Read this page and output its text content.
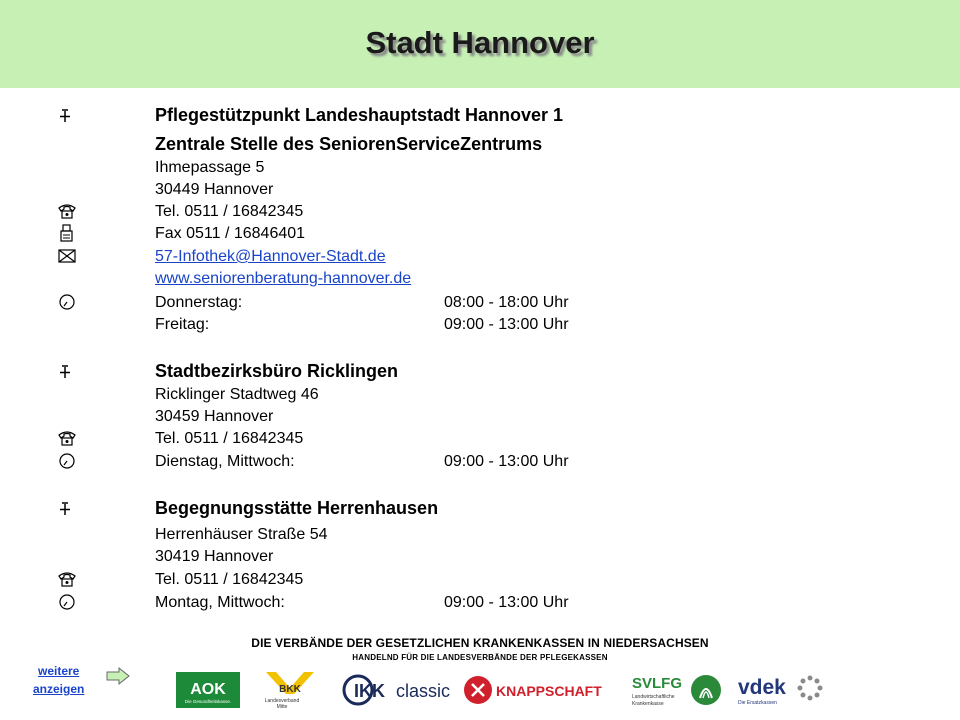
Stadt Hannover
Pflegestützpunkt Landeshauptstadt Hannover 1
Zentrale Stelle des SeniorenServiceZentrums
Ihmepassage 5
30449 Hannover
Tel. 0511 / 16842345
Fax 0511 / 16846401
57-Infothek@Hannover-Stadt.de
www.seniorenberatung-hannover.de
Donnerstag:	08:00 - 18:00 Uhr
Freitag:	09:00 - 13:00 Uhr
Stadtbezirksbüro Ricklingen
Ricklinger Stadtweg 46
30459 Hannover
Tel. 0511 / 16842345
Dienstag, Mittwoch:	09:00 - 13:00 Uhr
Begegnungsstätte Herrenhausen
Herrenhäuser Straße 54
30419 Hannover
Tel. 0511 / 16842345
Montag, Mittwoch:	09:00 - 13:00 Uhr
DIE VERBÄNDE DER GESETZLICHEN KRANKENKASSEN IN NIEDERSACHSEN
HANDELND FÜR DIE LANDESVERBÄNDE DER PFLEGEKASSEN
weitere
anzeigen	AOK
Die Gesundheitskasse.
BKK
Landesverband
Mitte
IKK classic	KNAPPSCHAFT SVLFG
Landwirtschaftliche
Krankenkasse
vdek
Die Ersatzkassen
